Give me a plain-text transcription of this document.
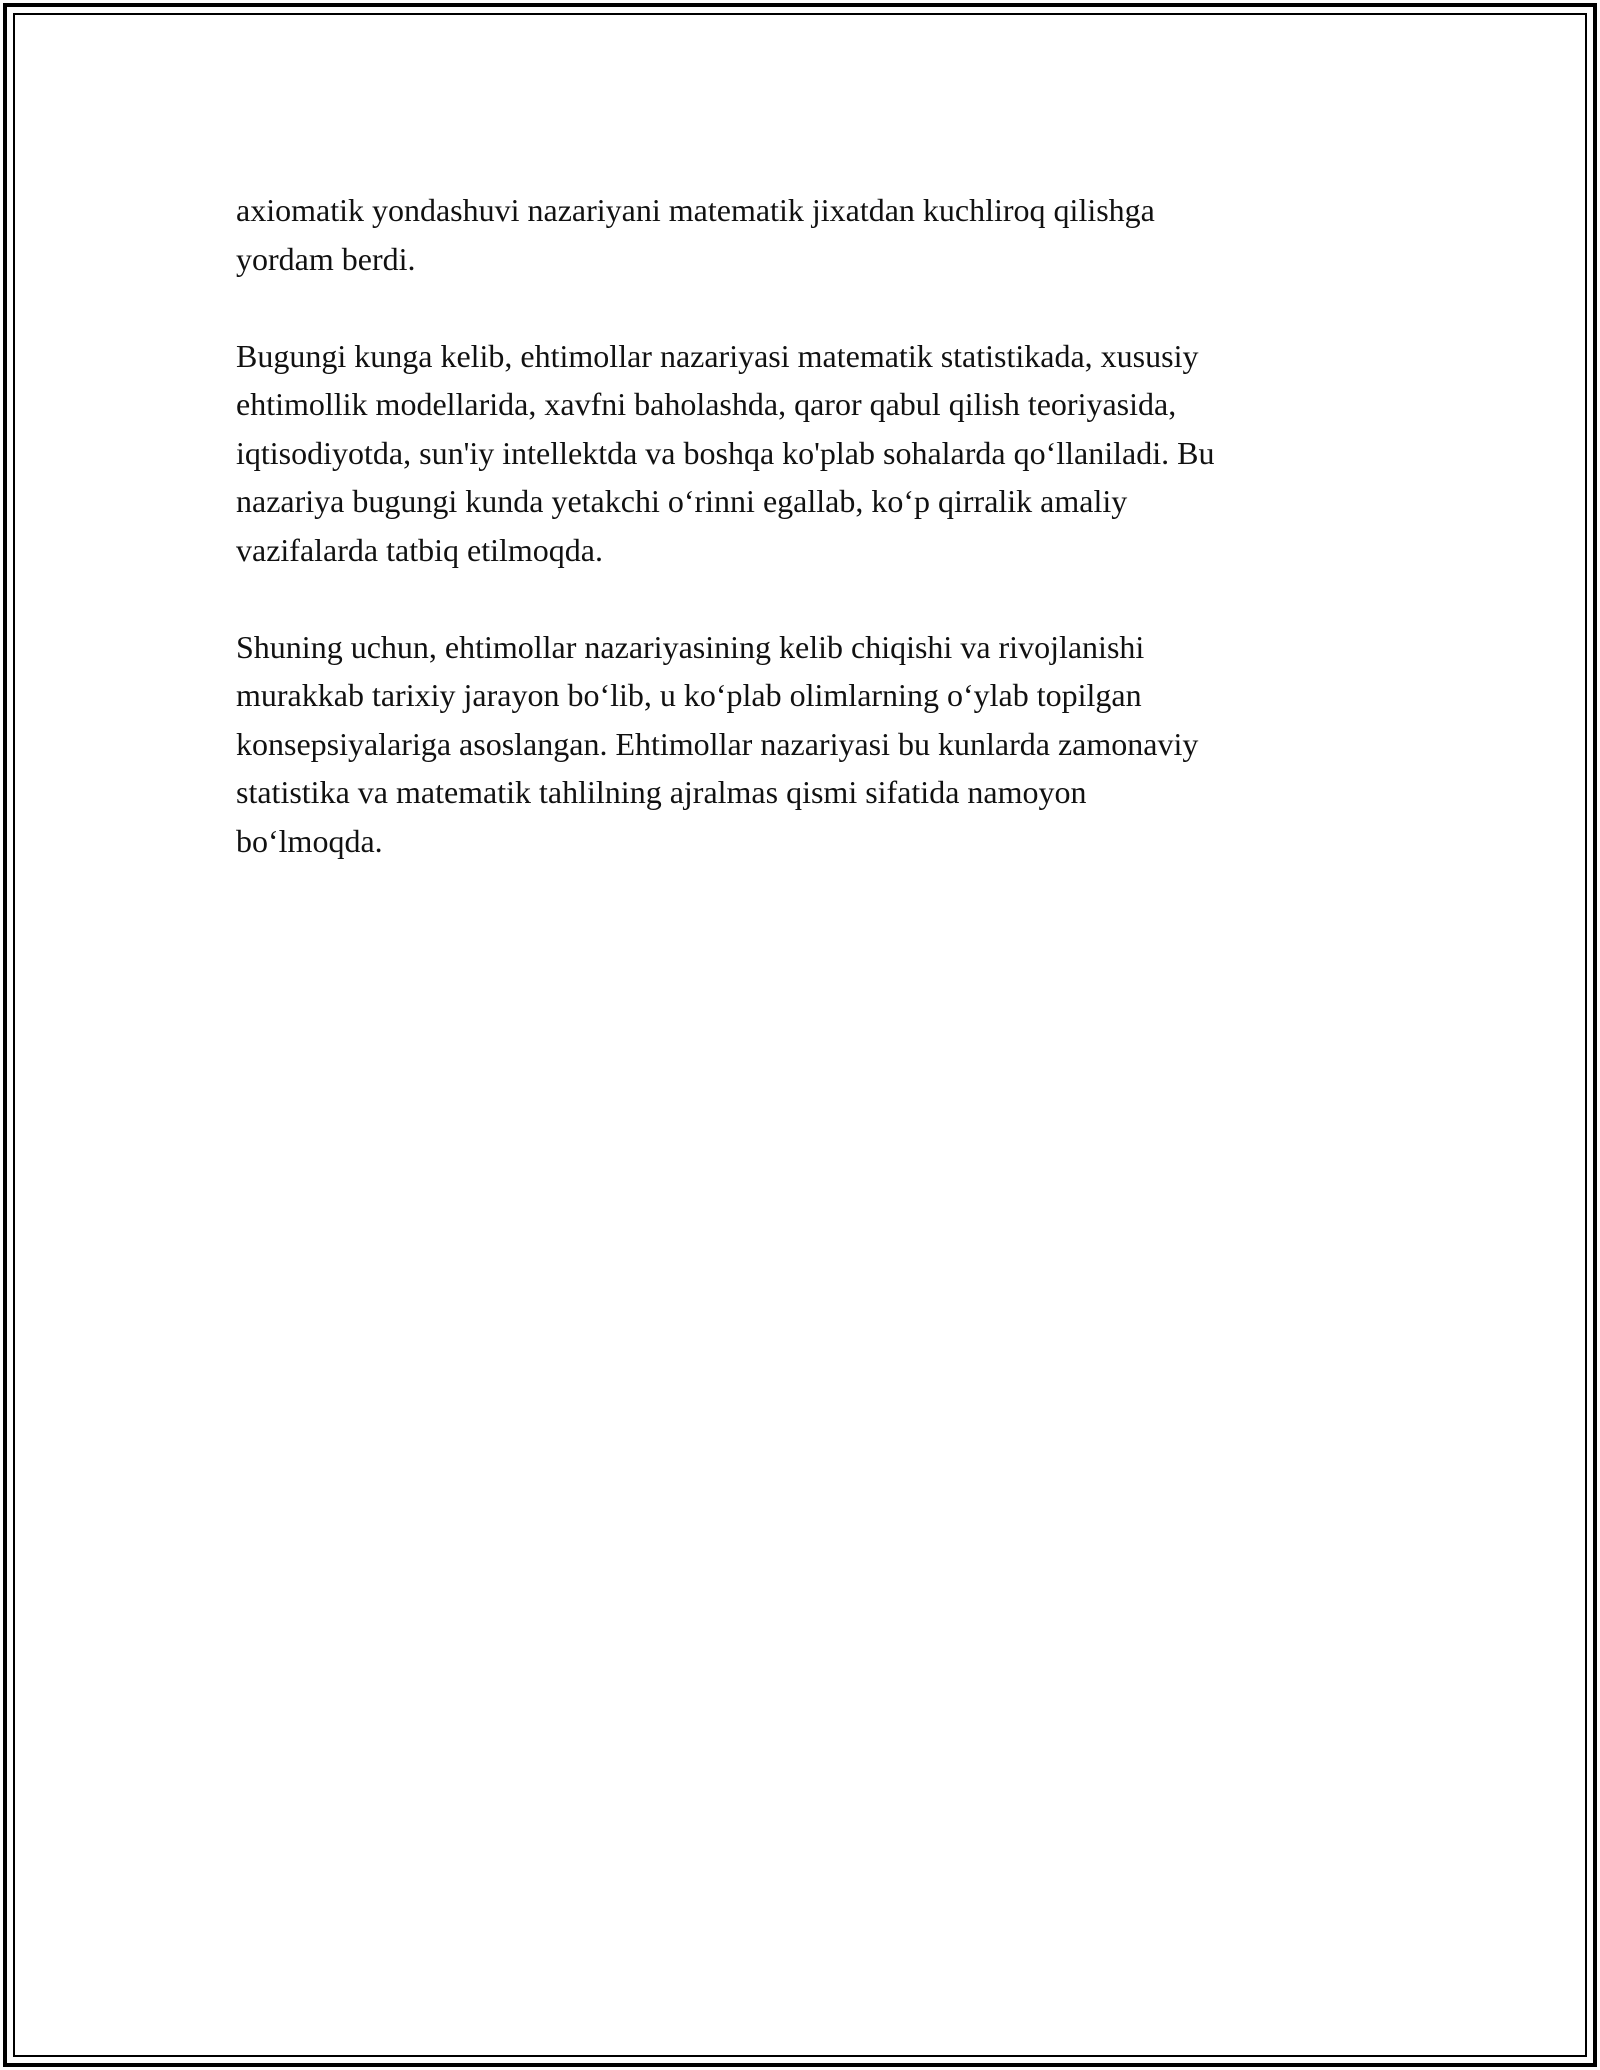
axiomatik yondashuvi nazariyani matematik jixatdan kuchliroq qilishga
yordam berdi.

Bugungi kunga kelib, ehtimollar nazariyasi matematik statistikada, xususiy
ehtimollik modellarida, xavfni baholashda, qaror qabul qilish teoriyasida,
iqtisodiyotda, sun'iy intellektda va boshqa ko'plab sohalarda qo‘llaniladi. Bu
nazariya bugungi kunda yetakchi o‘rinni egallab, ko‘p qirralik amaliy
vazifalarda tatbiq etilmoqda.

Shuning uchun, ehtimollar nazariyasining kelib chiqishi va rivojlanishi
murakkab tarixiy jarayon bo‘lib, u ko‘plab olimlarning o‘ylab topilgan
konsepsiyalariga asoslangan. Ehtimollar nazariyasi bu kunlarda zamonaviy
statistika va matematik tahlilning ajralmas qismi sifatida namoyon
bo‘lmoqda.
